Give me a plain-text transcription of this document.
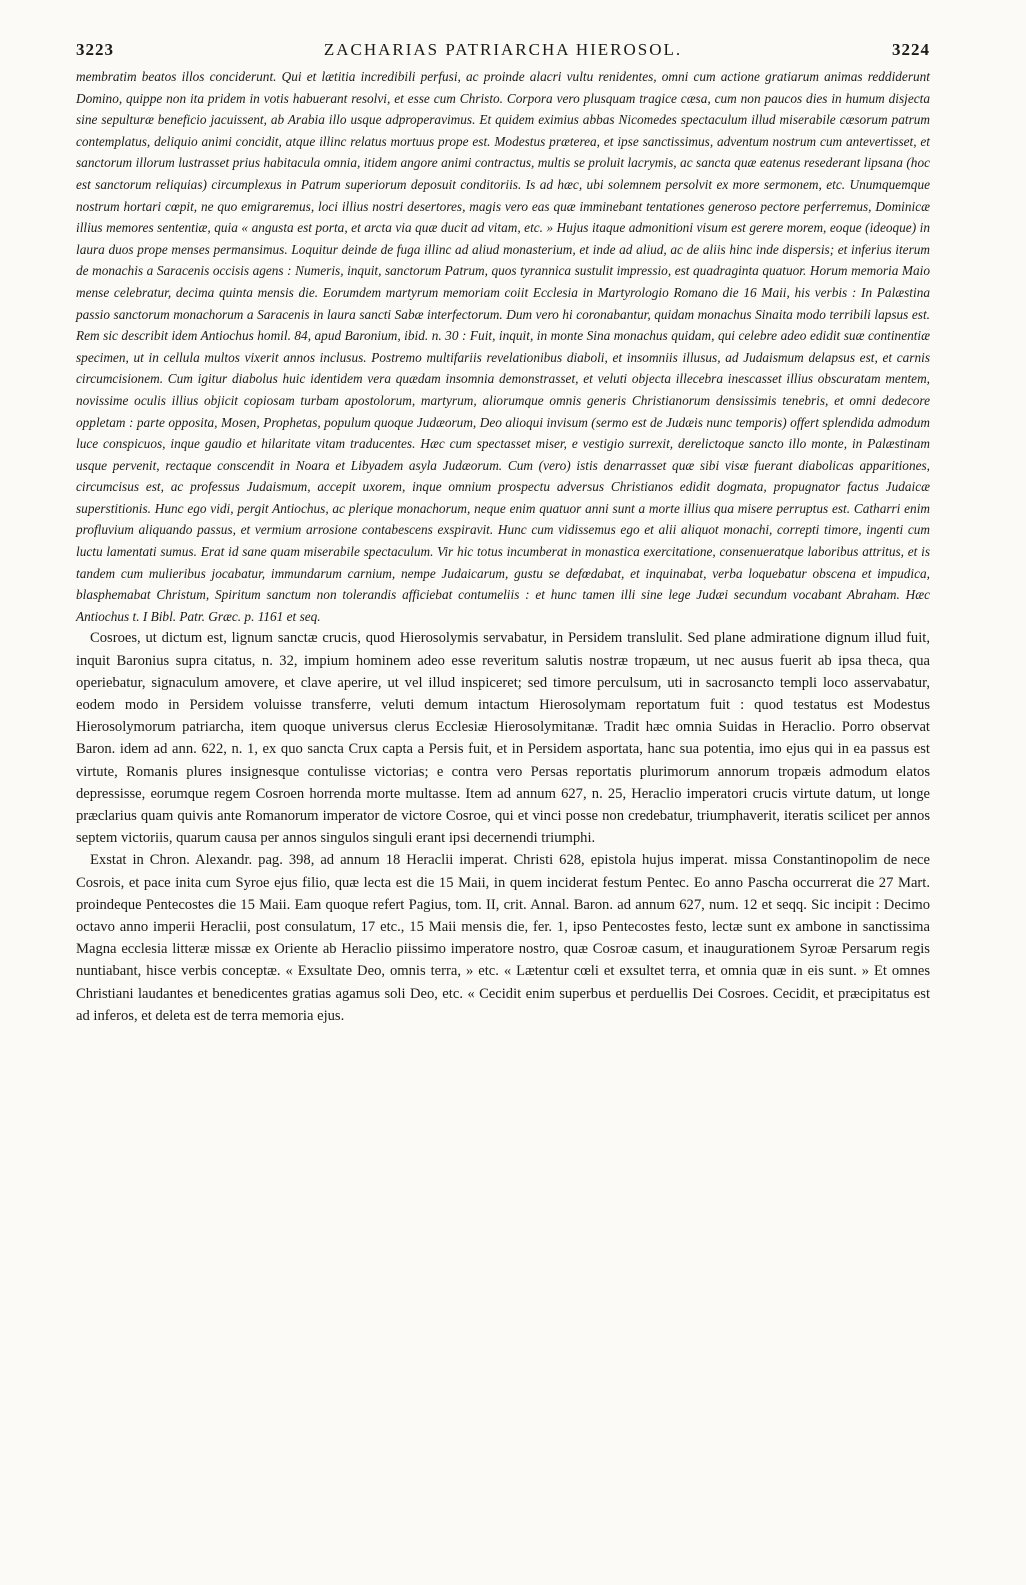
3223	ZACHARIAS PATRIARCHA HIEROSOL.	3224

membratim beatos illos conciderunt. Qui et lætitia incredibili perfusi, ac proinde alacri vultu renidentes, omni cum actione gratiarum animas reddiderunt Domino, quippe non ita pridem in votis habuerant resolvi, et esse cum Christo. Corpora vero plusquam tragice cæsa, cum non paucos dies in humum disjecta sine sepulturæ beneficio jacuissent, ab Arabia illo usque adproperavimus. Et quidem eximius abbas Nicomedes spectaculum illud miserabile cæsorum patrum contemplatus, deliquio animi concidit, atque illinc relatus mortuus prope est. Modestus præterea, et ipse sanctissimus, adventum nostrum cum antevertisset, et sanctorum illorum lustrasset prius habitacula omnia, itidem angore animi contractus, multis se proluit lacrymis, ac sancta quæ eatenus resederant lipsana (hoc est sanctorum reliquias) circumplexus in Patrum superiorum deposuit conditoriis. Is ad hæc, ubi solemnem persolvit ex more sermonem, etc. Unumquemque nostrum hortari cœpit, ne quo emigraremus, loci illius nostri desertores, magis vero eas quæ imminebant tentationes generoso pectore perferremus, Dominicæ illius memores sententiæ, quia « angusta est porta, et arcta via quæ ducit ad vitam, etc. » Hujus itaque admonitioni visum est gerere morem, eoque (ideoque) in laura duos prope menses permansimus. Loquitur deinde de fuga illinc ad aliud monasterium, et inde ad aliud, ac de aliis hinc inde dispersis; et inferius iterum de monachis a Saracenis occisis agens : Numeris, inquit, sanctorum Patrum, quos tyrannica sustulit impressio, est quadraginta quatuor. Horum memoria Maio mense celebratur, decima quinta mensis die. Eorumdem martyrum memoriam coiit Ecclesia in Martyrologio Romano die 16 Maii, his verbis : In Palæstina passio sanctorum monachorum a Saracenis in laura sancti Sabæ interfectorum. Dum vero hi coronabantur, quidam monachus Sinaita modo terribili lapsus est. Rem sic describit idem Antiochus homil. 84, apud Baronium, ibid. n. 30 : Fuit, inquit, in monte Sina monachus quidam, qui celebre adeo edidit suæ continentiæ specimen, ut in cellula multos vixerit annos inclusus. Postremo multifariis revelationibus diaboli, et insomniis illusus, ad Judaismum delapsus est, et carnis circumcisionem. Cum igitur diabolus huic identidem vera quædam insomnia demonstrasset, et veluti objecta illecebra inescasset illius obscuratam mentem, novissime oculis illius objicit copiosam turbam apostolorum, martyrum, aliorumque omnis generis Christianorum densissimis tenebris, et omni dedecore oppletam : parte opposita, Mosen, Prophetas, populum quoque Judæorum, Deo alioqui invisum (sermo est de Judæis nunc temporis) offert splendida admodum luce conspicuos, inque gaudio et hilaritate vitam traducentes. Hæc cum spectasset miser, e vestigio surrexit, derelictoque sancto illo monte, in Palæstinam usque pervenit, rectaque conscendit in Noara et Libyadem asyla Judæorum. Cum (vero) istis denarrasset quæ sibi visæ fuerant diabolicas apparitiones, circumcisus est, ac professus Judaismum, accepit uxorem, inque omnium prospectu adversus Christianos edidit dogmata, propugnator factus Judaicæ superstitionis. Hunc ego vidi, pergit Antiochus, ac plerique monachorum, neque enim quatuor anni sunt a morte illius qua misere perruptus est. Catharri enim profluvium aliquando passus, et vermium arrosione contabescens exspiravit. Hunc cum vidissemus ego et alii aliquot monachi, correpti timore, ingenti cum luctu lamentati sumus. Erat id sane quam miserabile spectaculum. Vir hic totus incumberat in monastica exercitatione, consenueratque laboribus attritus, et is tandem cum mulieribus jocabatur, immundarum carnium, nempe Judaicarum, gustu se defœdabat, et inquinabat, verba loquebatur obscena et impudica, blasphemabat Christum, Spiritum sanctum non tolerandis afficiebat contumeliis : et hunc tamen illi sine lege Judæi secundum vocabant Abraham. Hæc Antiochus t. I Bibl. Patr. Græc. p. 1161 et seq.

Cosroes, ut dictum est, lignum sanctæ crucis, quod Hierosolymis servabatur, in Persidem translulit. Sed plane admiratione dignum illud fuit, inquit Baronius supra citatus, n. 32, impium hominem adeo esse reveritum salutis nostræ tropæum, ut nec ausus fuerit ab ipsa theca, qua operiebatur, signaculum amovere, et clave aperire, ut vel illud inspiceret; sed timore perculsum, uti in sacrosancto templi loco asservabatur, eodem modo in Persidem voluisse transferre, veluti demum intactum Hierosolymam reportatum fuit : quod testatus est Modestus Hierosolymorum patriarcha, item quoque universus clerus Ecclesiæ Hierosolymitanæ. Tradit hæc omnia Suidas in Heraclio. Porro observat Baron. idem ad ann. 622, n. 1, ex quo sancta Crux capta a Persis fuit, et in Persidem asportata, hanc sua potentia, imo ejus qui in ea passus est virtute, Romanis plures insignesque contulisse victorias; e contra vero Persas reportatis plurimorum annorum tropæis admodum elatos depressisse, eorumque regem Cosroen horrenda morte multasse. Item ad annum 627, n. 25, Heraclio imperatori crucis virtute datum, ut longe præclarius quam quivis ante Romanorum imperator de victore Cosroe, qui et vinci posse non credebatur, triumphaverit, iteratis scilicet per annos septem victoriis, quarum causa per annos singulos singuli erant ipsi decernendi triumphi.

Exstat in Chron. Alexandr. pag. 398, ad annum 18 Heraclii imperat. Christi 628, epistola hujus imperat. missa Constantinopolim de nece Cosrois, et pace inita cum Syroe ejus filio, quæ lecta est die 15 Maii, in quem inciderat festum Pentec. Eo anno Pascha occurrerat die 27 Mart. proindeque Pentecostes die 15 Maii. Eam quoque refert Pagius, tom. II, crit. Annal. Baron. ad annum 627, num. 12 et seqq. Sic incipit : Decimo octavo anno imperii Heraclii, post consulatum, 17 etc., 15 Maii mensis die, fer. 1, ipso Pentecostes festo, lectæ sunt ex ambone in sanctissima Magna ecclesia litteræ missæ ex Oriente ab Heraclio piissimo imperatore nostro, quæ Cosroæ casum, et inaugurationem Syroæ Persarum regis nuntiabant, hisce verbis conceptæ. « Exsultate Deo, omnis terra, » etc. « Lætentur cœli et exsultet terra, et omnia quæ in eis sunt. » Et omnes Christiani laudantes et benedicentes gratias agamus soli Deo, etc. « Cecidit enim superbus et perduellis Dei Cosroes. Cecidit, et præcipitatus est ad inferos, et deleta est de terra memoria ejus.
